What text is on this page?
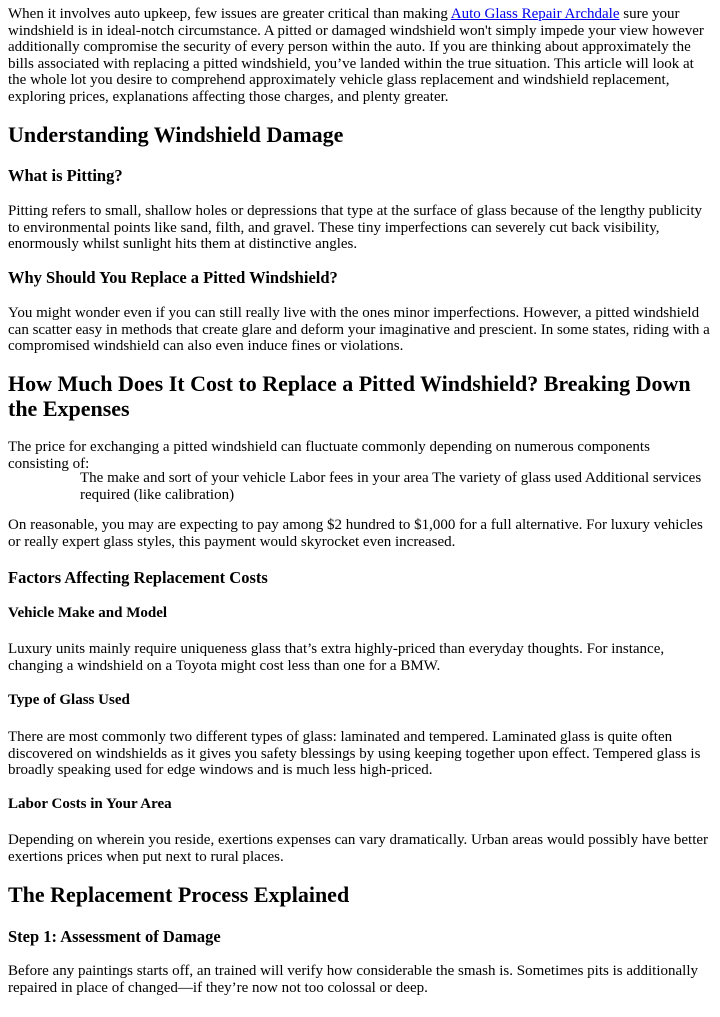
When it involves auto upkeep, few issues are greater critical than making Auto Glass Repair Archdale sure your windshield is in ideal-notch circumstance. A pitted or damaged windshield won't simply impede your view however additionally compromise the security of every person within the auto. If you are thinking about approximately the bills associated with replacing a pitted windshield, you’ve landed within the true situation. This article will look at the whole lot you desire to comprehend approximately vehicle glass replacement and windshield replacement, exploring prices, explanations affecting those charges, and plenty greater.

Understanding Windshield Damage
What is Pitting?

Pitting refers to small, shallow holes or depressions that type at the surface of glass because of the lengthy publicity to environmental points like sand, filth, and gravel. These tiny imperfections can severely cut back visibility, enormously whilst sunlight hits them at distinctive angles.

Why Should You Replace a Pitted Windshield?

You might wonder even if you can still really live with the ones minor imperfections. However, a pitted windshield can scatter easy in methods that create glare and deform your imaginative and prescient. In some states, riding with a compromised windshield can also even induce fines or violations.

How Much Does It Cost to Replace a Pitted Windshield? Breaking Down the Expenses

The price for exchanging a pitted windshield can fluctuate commonly depending on numerous components consisting of:

The make and sort of your vehicle Labor fees in your area The variety of glass used Additional services required (like calibration)

On reasonable, you may are expecting to pay among $2 hundred to $1,000 for a full alternative. For luxury vehicles or really expert glass styles, this payment would skyrocket even increased.

Factors Affecting Replacement Costs
Vehicle Make and Model

Luxury units mainly require uniqueness glass that’s extra highly-priced than everyday thoughts. For instance, changing a windshield on a Toyota might cost less than one for a BMW.

Type of Glass Used

There are most commonly two different types of glass: laminated and tempered. Laminated glass is quite often discovered on windshields as it gives you safety blessings by using keeping together upon effect. Tempered glass is broadly speaking used for edge windows and is much less high-priced.

Labor Costs in Your Area

Depending on wherein you reside, exertions expenses can vary dramatically. Urban areas would possibly have better exertions prices when put next to rural places.

The Replacement Process Explained
Step 1: Assessment of Damage

Before any paintings starts off, an trained will verify how considerable the smash is. Sometimes pits is additionally repaired in place of changed—if they’re now not too colossal or deep.
